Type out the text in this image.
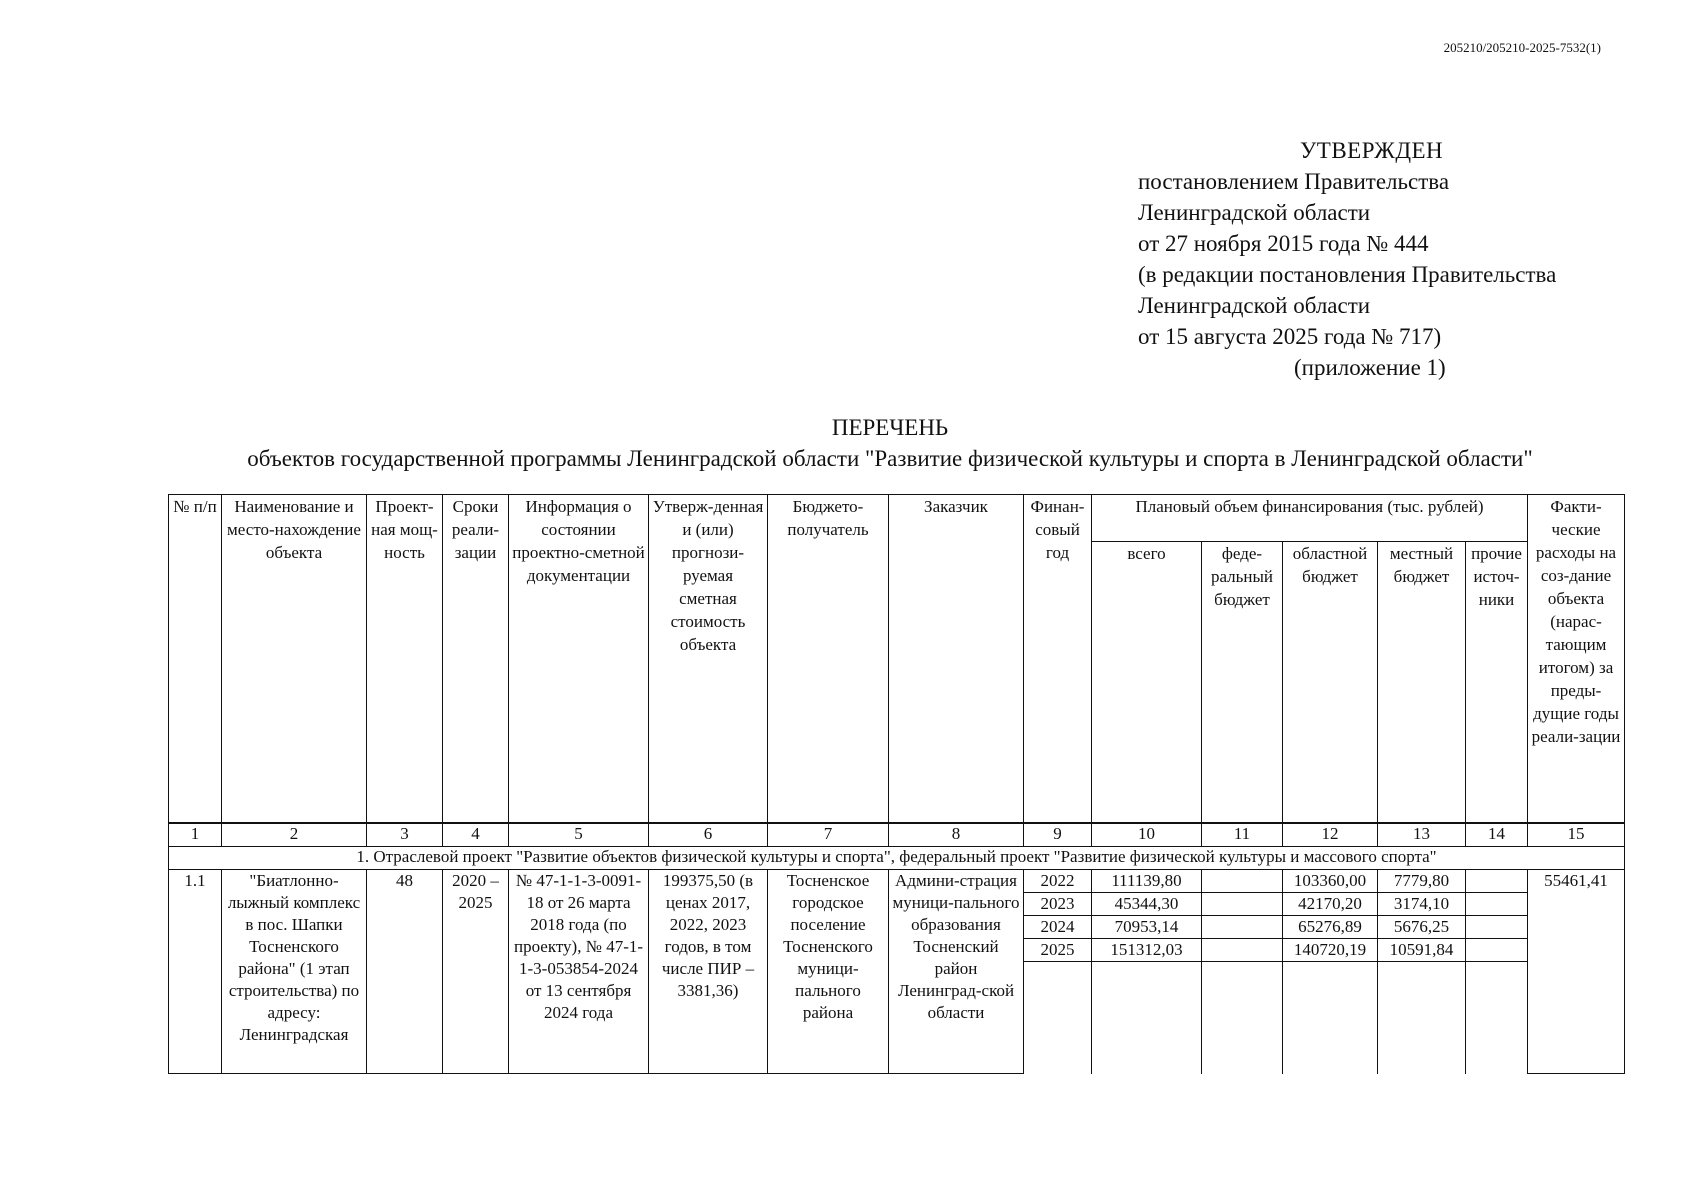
205210/205210-2025-7532(1)
УТВЕРЖДЕН
постановлением Правительства
Ленинградской области
от 27 ноября 2015 года № 444
(в редакции постановления Правительства
Ленинградской области
от 15 августа 2025 года № 717)
(приложение 1)
ПЕРЕЧЕНЬ
объектов государственной программы Ленинградской области "Развитие физической культуры и спорта в Ленинградской области"
№ п/п	Наименование и место-нахождение объекта	Проект-ная мощ-ность	Сроки реали-зации	Информация о состоянии проектно-сметной документации	Утверж-денная и (или) прогнози-руемая сметная стоимость объекта	Бюджето-получатель	Заказчик	Финан-совый год	Плановый объем финансирования (тыс. рублей)					Факти-ческие расходы на соз-дание объекта (нарас-тающим итогом) за преды-дущие годы реали-зации
									всего	феде-ральный бюджет	областной бюджет	местный бюджет	прочие источ-ники	
1	2	3	4	5	6	7	8	9	10	11	12	13	14	15
1. Отраслевой проект "Развитие объектов физической культуры и спорта", федеральный проект "Развитие физической культуры и массового спорта"														
1.1	"Биатлонно-лыжный комплекс в пос. Шапки Тосненского района" (1 этап строительства) по адресу: Ленинградская	48	2020 – 2025	№ 47-1-1-3-0091-18 от 26 марта 2018 года (по проекту), № 47-1-1-3-053854-2024 от 13 сентября 2024 года	199375,50 (в ценах 2017, 2022, 2023 годов, в том числе ПИР – 3381,36)	Тосненское городское поселение Тосненского муници-пального района	Админи-страция муници-пального образования Тосненский район Ленинград-ской области	2022	111139,80		103360,00	7779,80		55461,41
								2023	45344,30		42170,20	3174,10		
								2024	70953,14		65276,89	5676,25		
								2025	151312,03		140720,19	10591,84		
